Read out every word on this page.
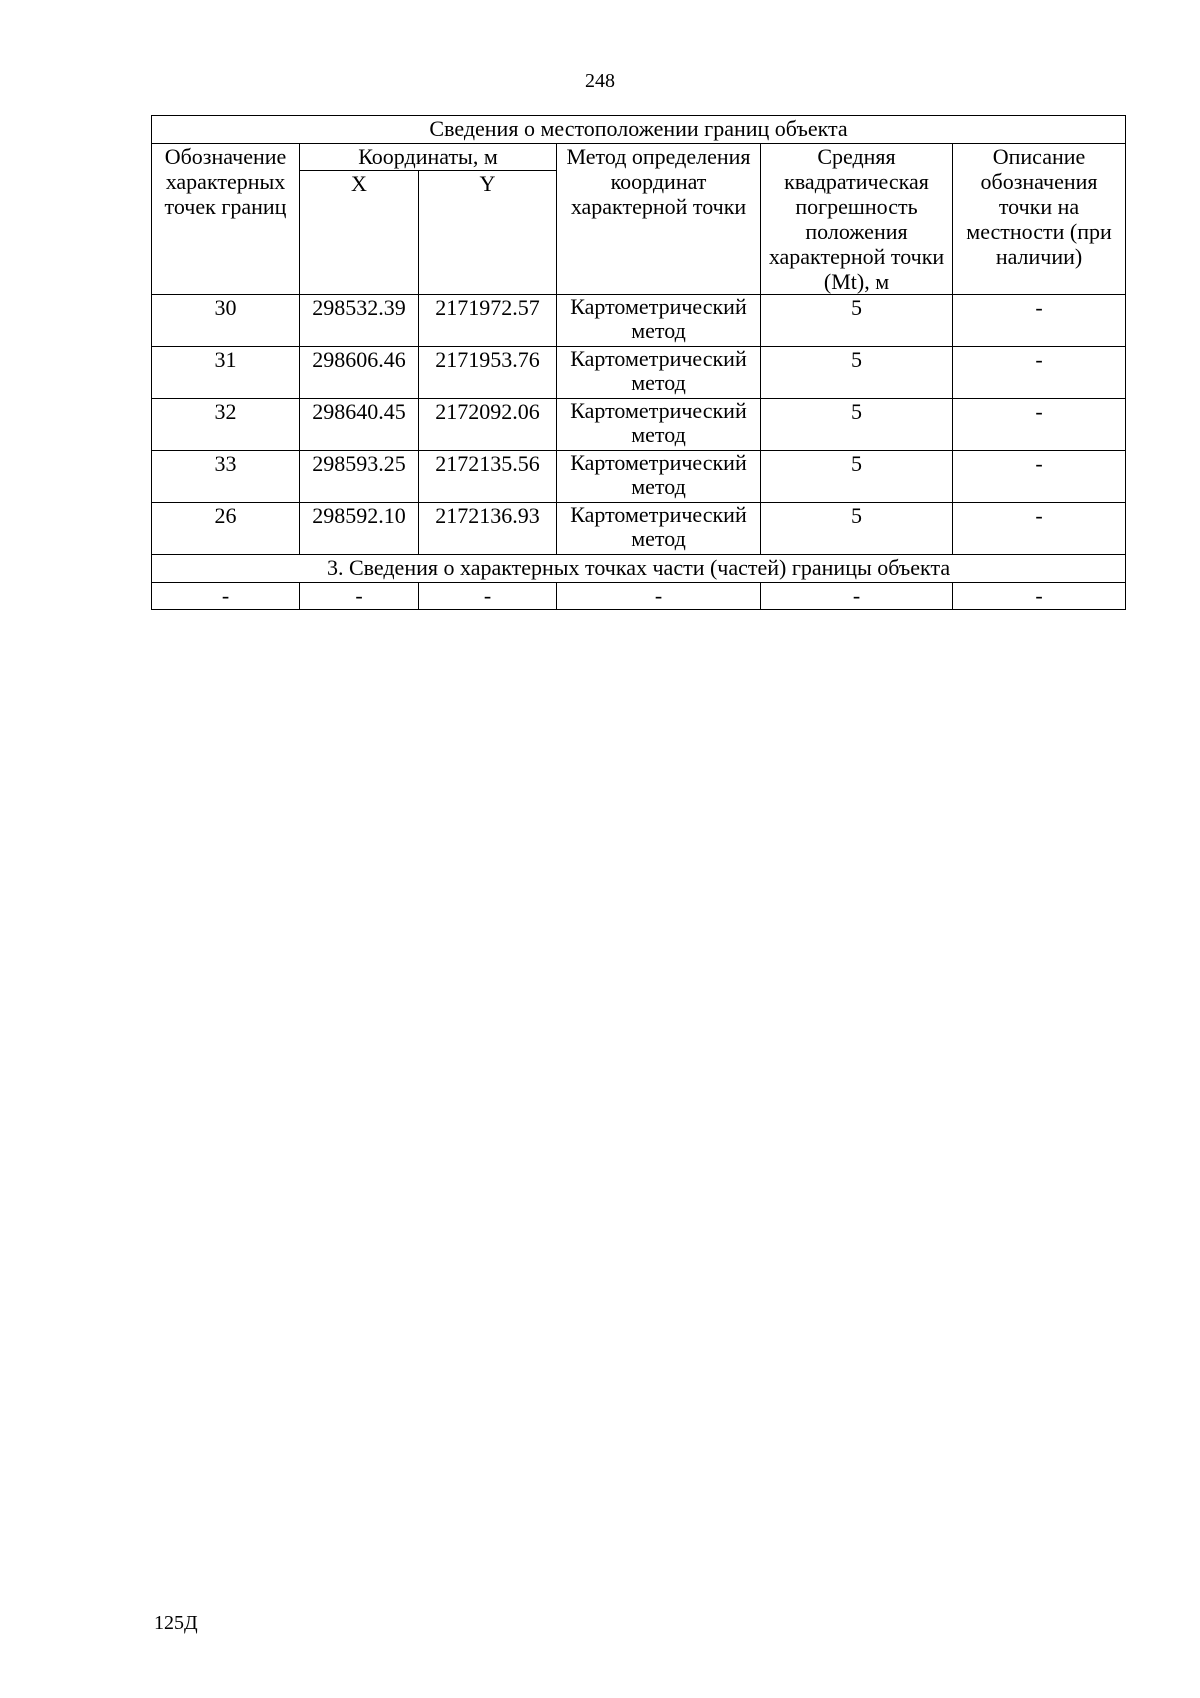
248
Сведения о местоположении границ объекта					
Обозначение характерных точек границ	Координаты, м		Метод определения координат характерной точки	Средняя квадратическая погрешность положения характерной точки (Mt), м	Описание обозначения точки на местности (при наличии)
	X	Y			
30	298532.39	2171972.57	Картометрический метод	5	-
31	298606.46	2171953.76	Картометрический метод	5	-
32	298640.45	2172092.06	Картометрический метод	5	-
33	298593.25	2172135.56	Картометрический метод	5	-
26	298592.10	2172136.93	Картометрический метод	5	-
3. Сведения о характерных точках части (частей) границы объекта					
-	-	-	-	-	-
125Д
